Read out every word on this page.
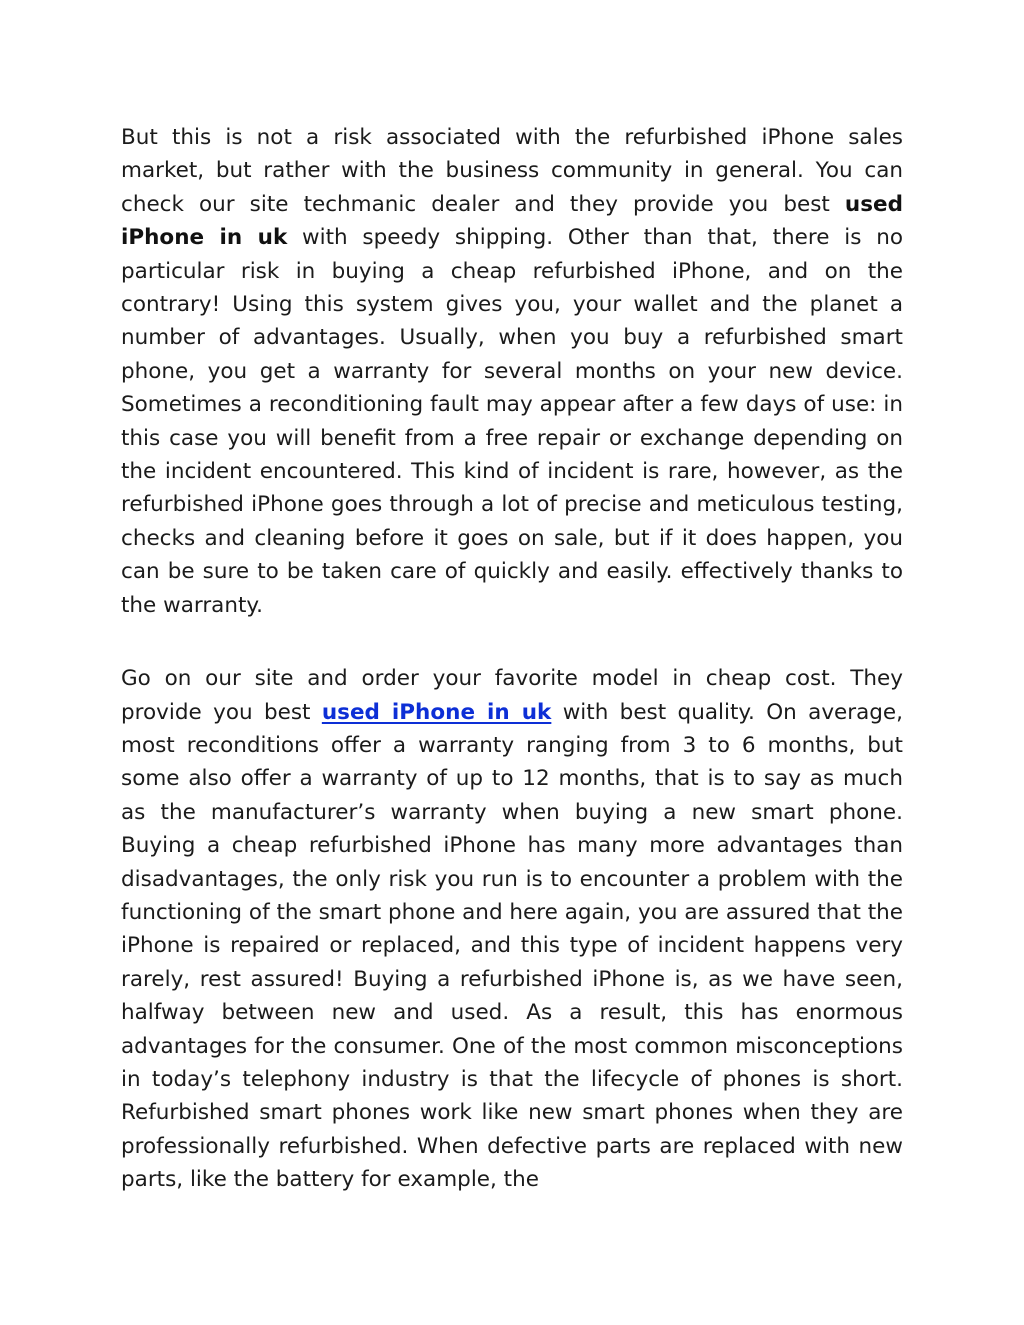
But this is not a risk associated with the refurbished iPhone sales market, but rather with the business community in general. You can check our site techmanic dealer and they provide you best used iPhone in uk with speedy shipping. Other than that, there is no particular risk in buying a cheap refurbished iPhone, and on the contrary! Using this system gives you, your wallet and the planet a number of advantages. Usually, when you buy a refurbished smart phone, you get a warranty for several months on your new device. Sometimes a reconditioning fault may appear after a few days of use: in this case you will benefit from a free repair or exchange depending on the incident encountered. This kind of incident is rare, however, as the refurbished iPhone goes through a lot of precise and meticulous testing, checks and cleaning before it goes on sale, but if it does happen, you can be sure to be taken care of quickly and easily. effectively thanks to the warranty.

Go on our site and order your favorite model in cheap cost. They provide you best used iPhone in uk with best quality. On average, most reconditions offer a warranty ranging from 3 to 6 months, but some also offer a warranty of up to 12 months, that is to say as much as the manufacturer’s warranty when buying a new smart phone. Buying a cheap refurbished iPhone has many more advantages than disadvantages, the only risk you run is to encounter a problem with the functioning of the smart phone and here again, you are assured that the iPhone is repaired or replaced, and this type of incident happens very rarely, rest assured! Buying a refurbished iPhone is, as we have seen, halfway between new and used. As a result, this has enormous advantages for the consumer. One of the most common misconceptions in today’s telephony industry is that the lifecycle of phones is short. Refurbished smart phones work like new smart phones when they are professionally refurbished. When defective parts are replaced with new parts, like the battery for example, the
